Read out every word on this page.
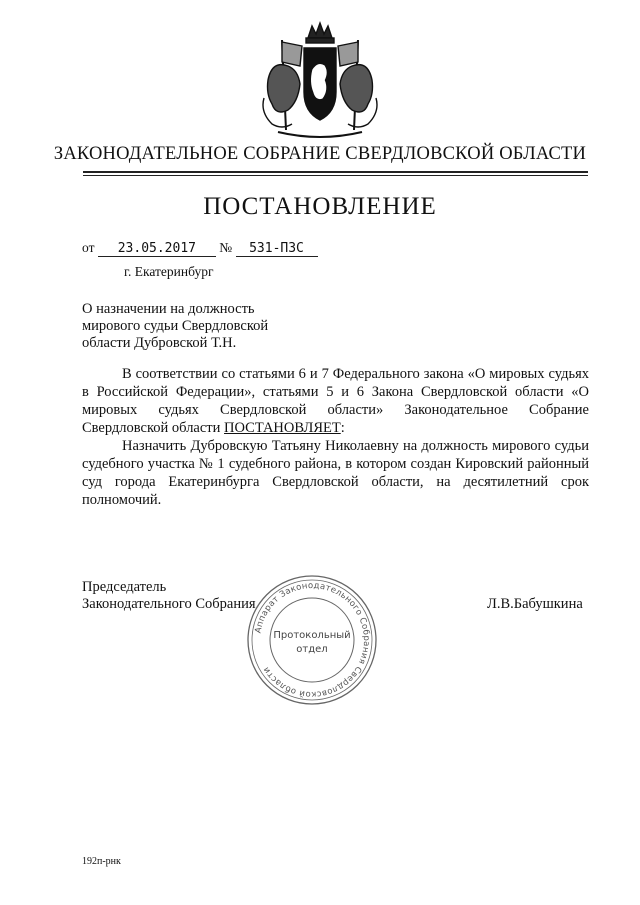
ЗАКОНОДАТЕЛЬНОЕ СОБРАНИЕ СВЕРДЛОВСКОЙ ОБЛАСТИ
ПОСТАНОВЛЕНИЕ
от 23.05.2017 № 531-ПЗС
г. Екатеринбург
О назначении на должность
мирового судьи Свердловской
области Дубровской Т.Н.
В соответствии со статьями 6 и 7 Федерального закона «О мировых судьях в Российской Федерации», статьями 5 и 6 Закона Свердловской области «О мировых судьях Свердловской области» Законодательное Собрание Свердловской области ПОСТАНОВЛЯЕТ:
Назначить Дубровскую Татьяну Николаевну на должность мирового судьи судебного участка № 1 судебного района, в котором создан Кировский районный суд города Екатеринбурга Свердловской области, на десятилетний срок полномочий.
Председатель
Законодательного Собрания
Аппарат Законодательного Собрания Свердловской области
Протокольный
отдел
Л.В.Бабушкина
192п-рнк
